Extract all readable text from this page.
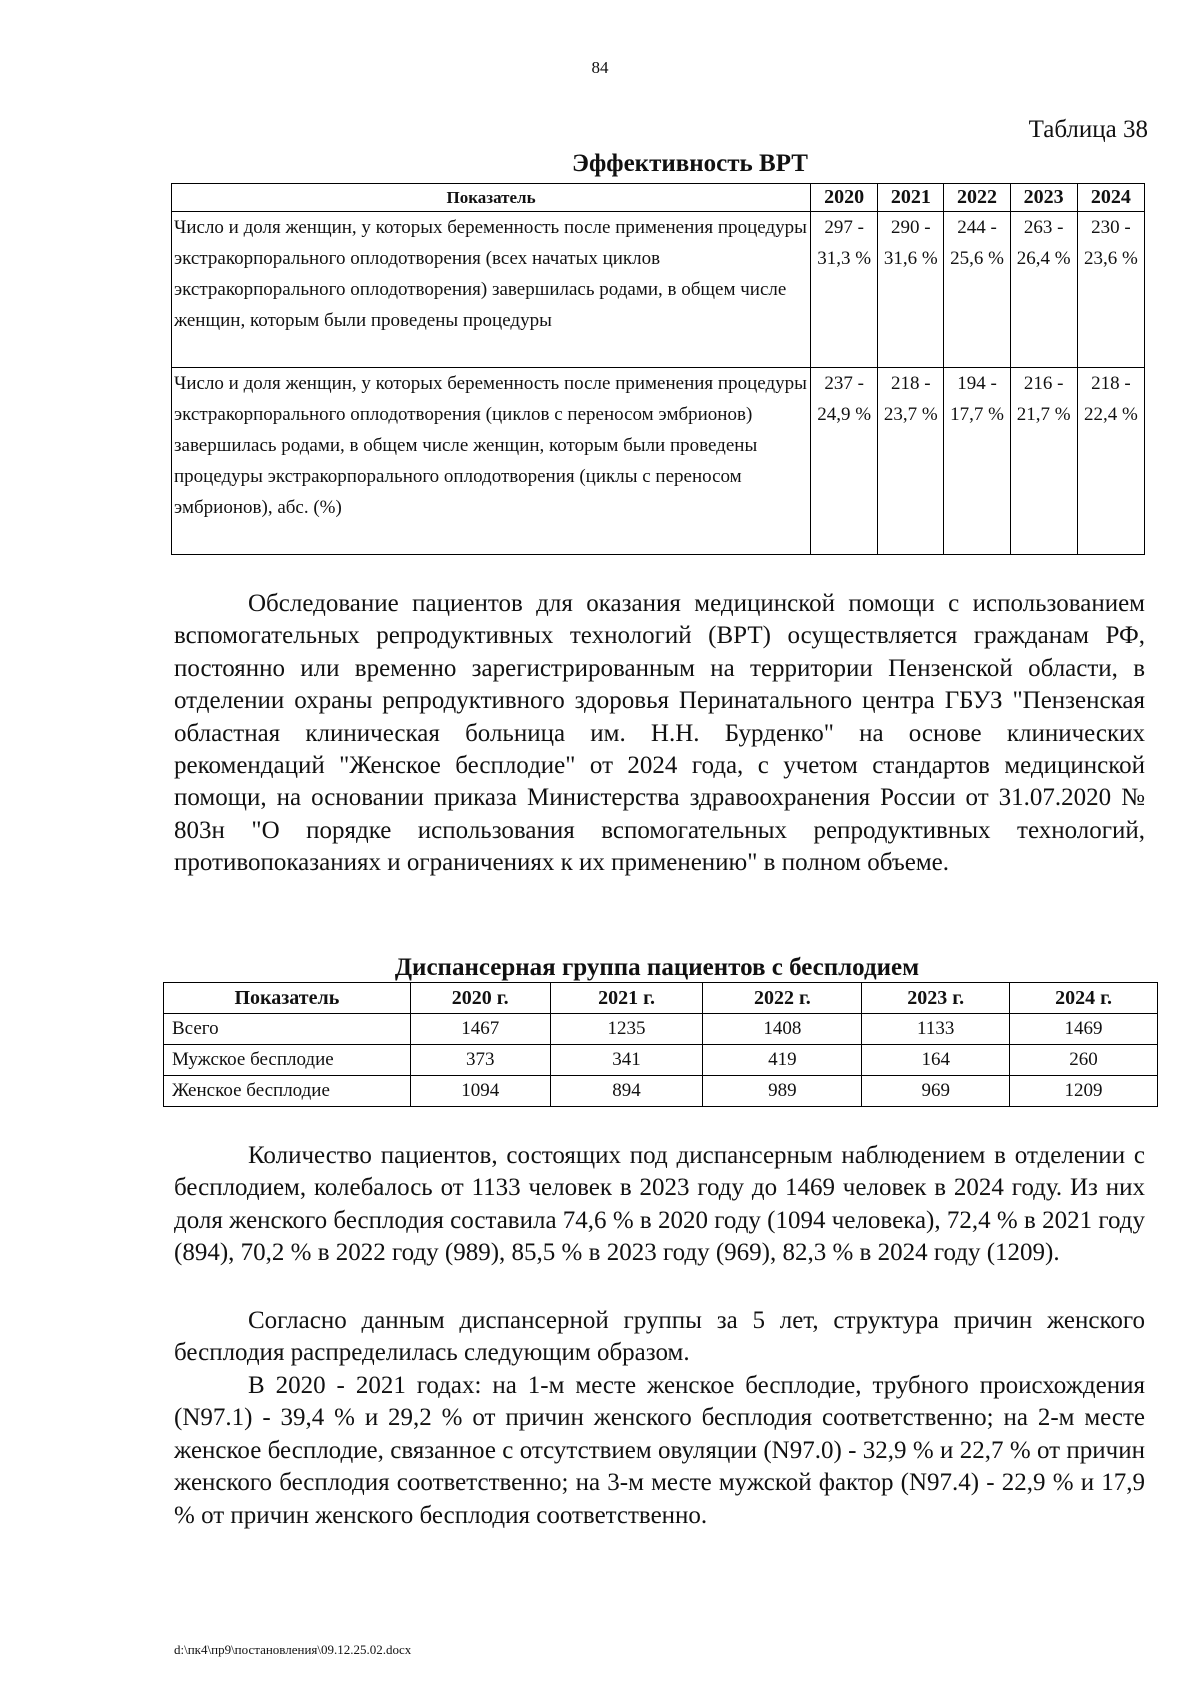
84
Таблица 38
Эффективность ВРТ
Показатель	2020	2021	2022	2023	2024
Число и доля женщин, у которых беременность после применения процедуры экстракорпорального оплодотворения (всех начатых циклов экстракорпорального оплодотворения) завершилась родами, в общем числе женщин, которым были проведены процедуры	297 - 31,3 %	290 - 31,6 %	244 - 25,6 %	263 - 26,4 %	230 - 23,6 %
Число и доля женщин, у которых беременность после применения процедуры экстракорпорального оплодотворения (циклов с переносом эмбрионов) завершилась родами, в общем числе женщин, которым были проведены процедуры экстракорпорального оплодотворения (циклы с переносом эмбрионов), абс. (%)	237 - 24,9 %	218 - 23,7 %	194 - 17,7 %	216 - 21,7 %	218 - 22,4 %

Обследование пациентов для оказания медицинской помощи с использованием вспомогательных репродуктивных технологий (ВРТ) осуществляется гражданам РФ, постоянно или временно зарегистрированным на территории Пензенской области, в отделении охраны репродуктивного здоровья Перинатального центра ГБУЗ "Пензенская областная клиническая больница им. Н.Н. Бурденко" на основе клинических рекомендаций "Женское бесплодие" от 2024 года, с учетом стандартов медицинской помощи, на основании приказа Министерства здравоохранения России от 31.07.2020 № 803н "О порядке использования вспомогательных репродуктивных технологий, противопоказаниях и ограничениях к их применению" в полном объеме.

Диспансерная группа пациентов с бесплодием
Показатель	2020 г.	2021 г.	2022 г.	2023 г.	2024 г.
Всего	1467	1235	1408	1133	1469
Мужское бесплодие	373	341	419	164	260
Женское бесплодие	1094	894	989	969	1209

Количество пациентов, состоящих под диспансерным наблюдением в отделении с бесплодием, колебалось от 1133 человек в 2023 году до 1469 человек в 2024 году. Из них доля женского бесплодия составила 74,6 % в 2020 году (1094 человека), 72,4 % в 2021 году (894), 70,2 % в 2022 году (989), 85,5 % в 2023 году (969), 82,3 % в 2024 году (1209).

Согласно данным диспансерной группы за 5 лет, структура причин женского бесплодия распределилась следующим образом.

В 2020 - 2021 годах: на 1-м месте женское бесплодие, трубного происхождения (N97.1) - 39,4 % и 29,2 % от причин женского бесплодия соответственно; на 2-м месте женское бесплодие, связанное с отсутствием овуляции (N97.0) - 32,9 % и 22,7 % от причин женского бесплодия соответственно; на 3-м месте мужской фактор (N97.4) - 22,9 % и 17,9 % от причин женского бесплодия соответственно.

d:\пк4\пр9\постановления\09.12.25.02.docx
